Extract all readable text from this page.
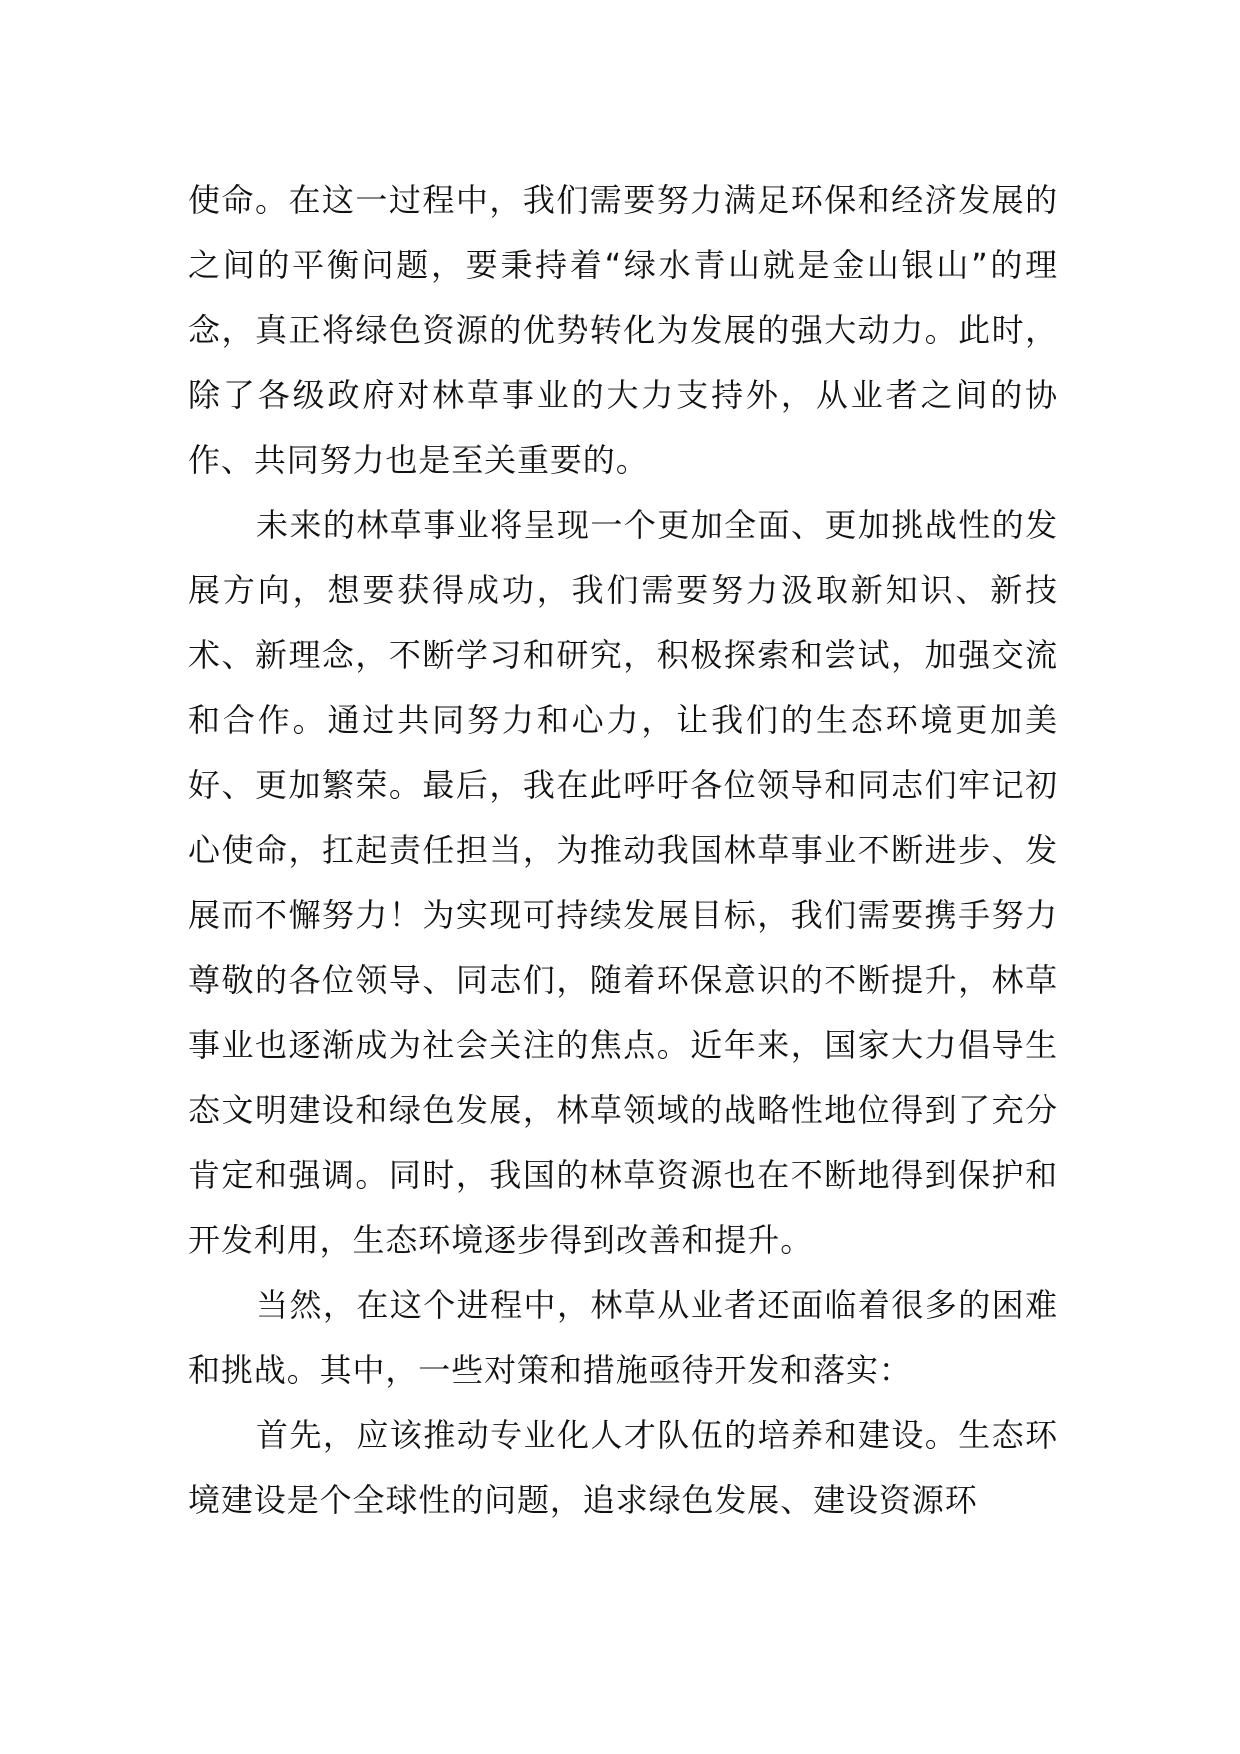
使命。在这一过程中，我们需要努力满足环保和经济发展的之间的平衡问题，要秉持着“绿水青山就是金山银山”的理念，真正将绿色资源的优势转化为发展的强大动力。此时，除了各级政府对林草事业的大力支持外，从业者之间的协作、共同努力也是至关重要的。

未来的林草事业将呈现一个更加全面、更加挑战性的发展方向，想要获得成功，我们需要努力汲取新知识、新技术、新理念，不断学习和研究，积极探索和尝试，加强交流和合作。通过共同努力和心力，让我们的生态环境更加美好、更加繁荣。最后，我在此呼吁各位领导和同志们牢记初心使命，扛起责任担当，为推动我国林草事业不断进步、发展而不懈努力！为实现可持续发展目标，我们需要携手努力尊敬的各位领导、同志们，随着环保意识的不断提升，林草事业也逐渐成为社会关注的焦点。近年来，国家大力倡导生态文明建设和绿色发展，林草领域的战略性地位得到了充分肯定和强调。同时，我国的林草资源也在不断地得到保护和开发利用，生态环境逐步得到改善和提升。

当然，在这个进程中，林草从业者还面临着很多的困难和挑战。其中，一些对策和措施亟待开发和落实：

首先，应该推动专业化人才队伍的培养和建设。生态环境建设是个全球性的问题，追求绿色发展、建设资源环
